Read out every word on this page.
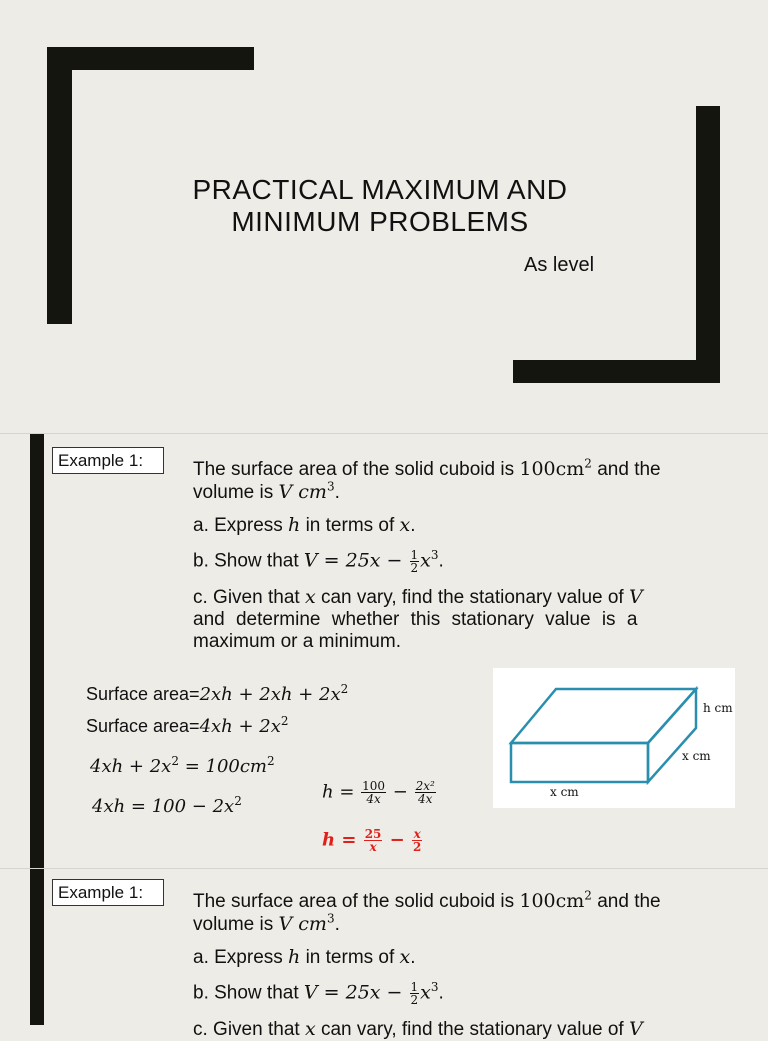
PRACTICAL MAXIMUM AND
MINIMUM PROBLEMS
As level
Example 1:	The surface area of the solid cuboid is $100cm^2$ and the
volume is V $cm^3$.
a. Express h in terms of x.
b. Show that $V = 25x - \frac{1}{2} x^3$.
c. Given that x can vary, find the stationary value of V
and determine whether this stationary value is a
maximum or a minimum.
Surface area=2xh + $2xh + 2x^2$
Surface area=4xh + $2x^2$
$4xh + 2x^2 = 100cm^2$
$4xh = 100 - 2x^2$	$h = \frac{100}{4x} - \frac{\text{2x²}}{4x}$
$h = \frac{25}{x} - \frac{x}{2}$
h cm
x cm
x cm
Example 1:	The surface area of the solid cuboid is $100cm^2$ and the
volume is V $cm^3$.
a. Express h in terms of x.
b. Show that $V = 25x - \frac{1}{2} x^3$.
c. Given that x can vary, find the stationary value of V
